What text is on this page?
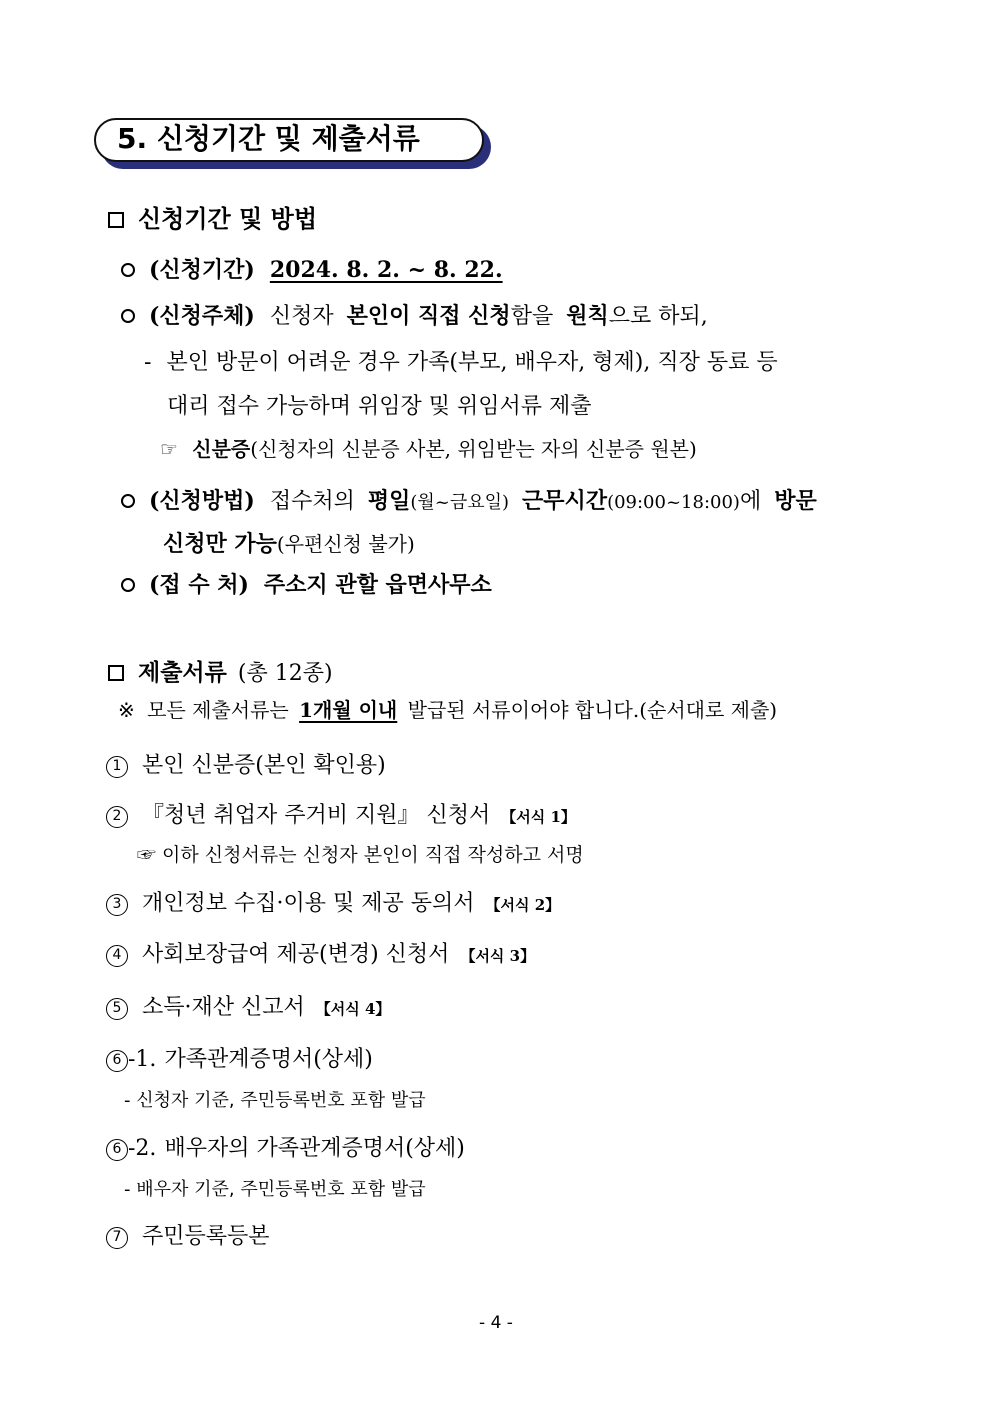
5. 신청기간 및 제출서류
신청기간 및 방법
(신청기간) 2024. 8. 2. ~ 8. 22.
(신청주체) 신청자 본인이 직접 신청함을 원칙으로 하되,
- 본인 방문이 어려운 경우 가족(부모, 배우자, 형제), 직장 동료 등
대리 접수 가능하며 위임장 및 위임서류 제출
☞ 신분증(신청자의 신분증 사본, 위임받는 자의 신분증 원본)
(신청방법) 접수처의 평일(월~금요일) 근무시간(09:00~18:00)에 방문
신청만 가능(우편신청 불가)
(접 수 처) 주소지 관할 읍면사무소
제출서류 (총 12종)
※ 모든 제출서류는 1개월 이내 발급된 서류이어야 합니다.(순서대로 제출)
1 본인 신분증(본인 확인용)
2 『청년 취업자 주거비 지원』 신청서 【서식 1】
☞ 이하 신청서류는 신청자 본인이 직접 작성하고 서명
3 개인정보 수집·이용 및 제공 동의서 【서식 2】
4 사회보장급여 제공(변경) 신청서 【서식 3】
5 소득·재산 신고서 【서식 4】
6 -1. 가족관계증명서(상세)
- 신청자 기준, 주민등록번호 포함 발급
6 -2. 배우자의 가족관계증명서(상세)
- 배우자 기준, 주민등록번호 포함 발급
7 주민등록등본
- 4 -
